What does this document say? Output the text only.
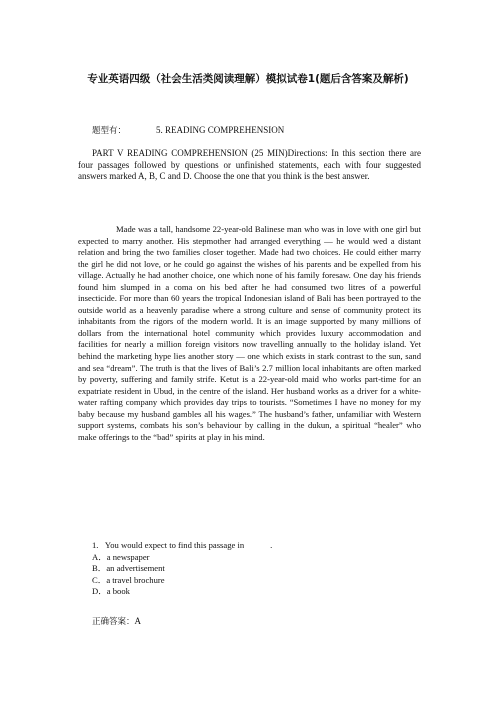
专业英语四级（社会生活类阅读理解）模拟试卷1(题后含答案及解析)
题型有：	5. READING COMPREHENSION
PART V READING COMPREHENSION (25 MIN)Directions: In this section there are four passages followed by questions or unfinished statements, each with four suggested answers marked A, B, C and D. Choose the one that you think is the best answer.
Made was a tall, handsome 22-year-old Balinese man who was in love with one girl but expected to marry another. His stepmother had arranged everything — he would wed a distant relation and bring the two families closer together. Made had two choices. He could either marry the girl he did not love, or he could go against the wishes of his parents and be expelled from his village. Actually he had another choice, one which none of his family foresaw. One day his friends found him slumped in a coma on his bed after he had consumed two litres of a powerful insecticide. For more than 60 years the tropical Indonesian island of Bali has been portrayed to the outside world as a heavenly paradise where a strong culture and sense of community protect its inhabitants from the rigors of the modern world. It is an image supported by many millions of dollars from the international hotel community which provides luxury accommodation and facilities for nearly a million foreign visitors now travelling annually to the holiday island. Yet behind the marketing hype lies another story — one which exists in stark contrast to the sun, sand and sea “dream”. The truth is that the lives of Bali’s 2.7 million local inhabitants are often marked by poverty, suffering and family strife. Ketut is a 22-year-old maid who works part-time for an expatriate resident in Ubud, in the centre of the island. Her husband works as a driver for a white-water rafting company which provides day trips to tourists. “Sometimes I have no money for my baby because my husband gambles all his wages.” The husband’s father, unfamiliar with Western support systems, combats his son’s behaviour by calling in the dukun, a spiritual “healer” who make offerings to the “bad” spirits at play in his mind.
1. You would expect to find this passage in	.
A．a newspaper
B．an advertisement
C．a travel brochure
D．a book
正确答案：A
